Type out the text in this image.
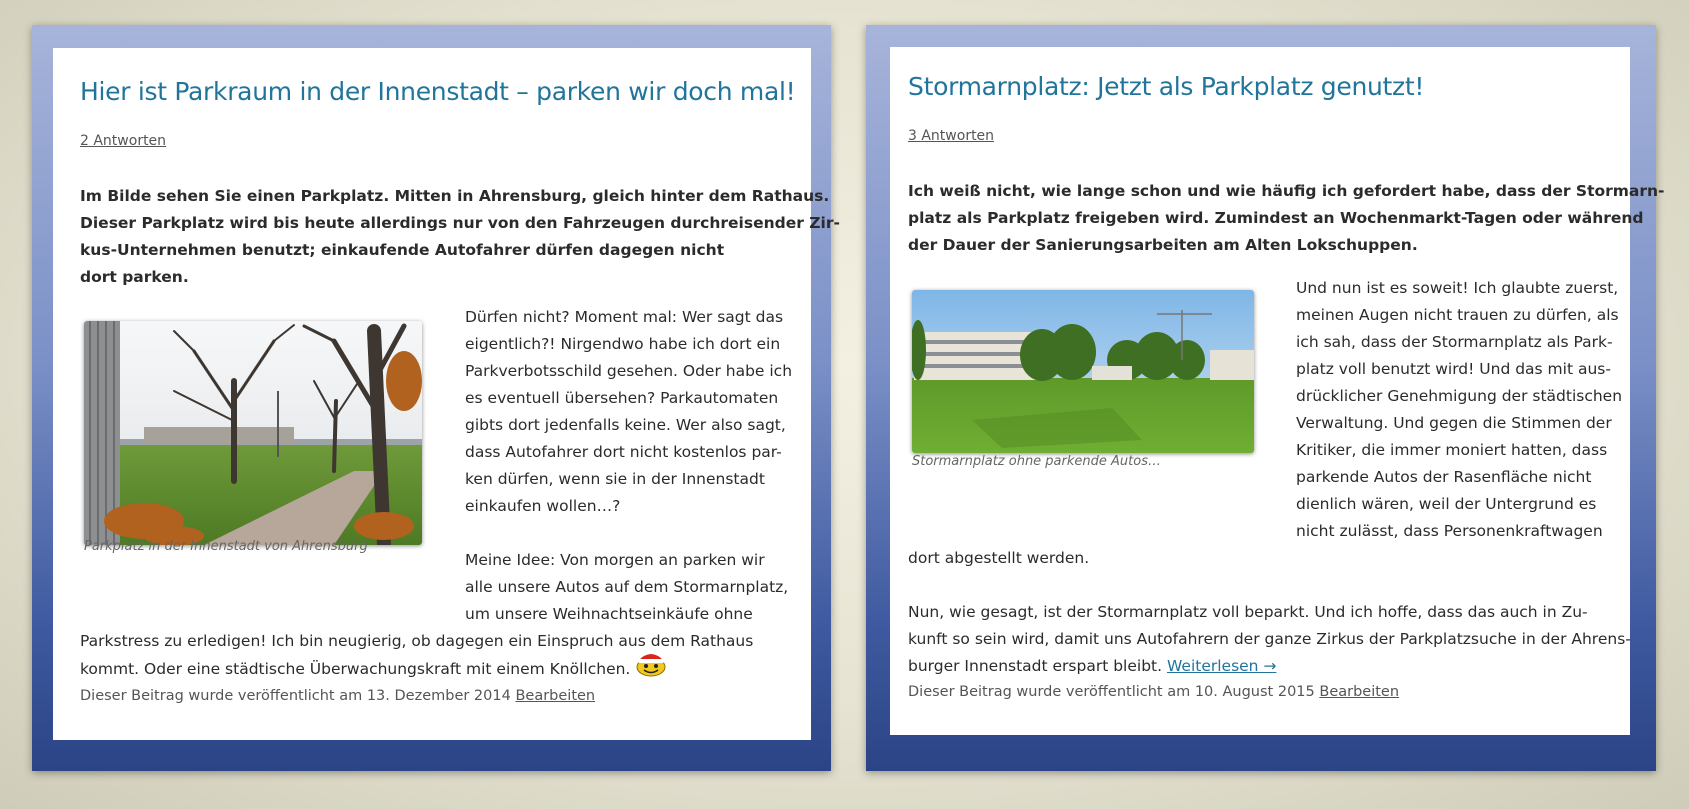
Hier ist Parkraum in der Innenstadt – parken wir doch mal!
2 Antworten
Im Bilde sehen Sie einen Parkplatz. Mitten in Ahrensburg, gleich hinter dem Rathaus.
Dieser Parkplatz wird bis heute allerdings nur von den Fahrzeugen durchreisender Zir-
kus-Unternehmen benutzt; einkaufende Autofahrer dürfen dagegen nicht
dort parken.
Parkplatz in der Innenstadt von Ahrensburg
Dürfen nicht? Moment mal: Wer sagt das
eigentlich?! Nirgendwo habe ich dort ein
Parkverbotsschild gesehen. Oder habe ich
es eventuell übersehen? Parkautomaten
gibts dort jedenfalls keine. Wer also sagt,
dass Autofahrer dort nicht kostenlos par-
ken dürfen, wenn sie in der Innenstadt
einkaufen wollen…?
Meine Idee: Von morgen an parken wir
alle unsere Autos auf dem Stormarnplatz,
um unsere Weihnachtseinkäufe ohne
Parkstress zu erledigen! Ich bin neugierig, ob dagegen ein Einspruch aus dem Rathaus
kommt. Oder eine städtische Überwachungskraft mit einem Knöllchen.
Dieser Beitrag wurde veröffentlicht am 13. Dezember 2014 Bearbeiten
Stormarnplatz: Jetzt als Parkplatz genutzt!
3 Antworten
Ich weiß nicht, wie lange schon und wie häufig ich gefordert habe, dass der Stormarn-
platz als Parkplatz freigeben wird. Zumindest an Wochenmarkt-Tagen oder während
der Dauer der Sanierungsarbeiten am Alten Lokschuppen.
Stormarnplatz ohne parkende Autos…
Und nun ist es soweit! Ich glaubte zuerst,
meinen Augen nicht trauen zu dürfen, als
ich sah, dass der Stormarnplatz als Park-
platz voll benutzt wird! Und das mit aus-
drücklicher Genehmigung der städtischen
Verwaltung. Und gegen die Stimmen der
Kritiker, die immer moniert hatten, dass
parkende Autos der Rasenfläche nicht
dienlich wären, weil der Untergrund es
nicht zulässt, dass Personenkraftwagen
dort abgestellt werden.
Nun, wie gesagt, ist der Stormarnplatz voll beparkt. Und ich hoffe, dass das auch in Zu-
kunft so sein wird, damit uns Autofahrern der ganze Zirkus der Parkplatzsuche in der Ahrens-
burger Innenstadt erspart bleibt. Weiterlesen →
Dieser Beitrag wurde veröffentlicht am 10. August 2015 Bearbeiten
